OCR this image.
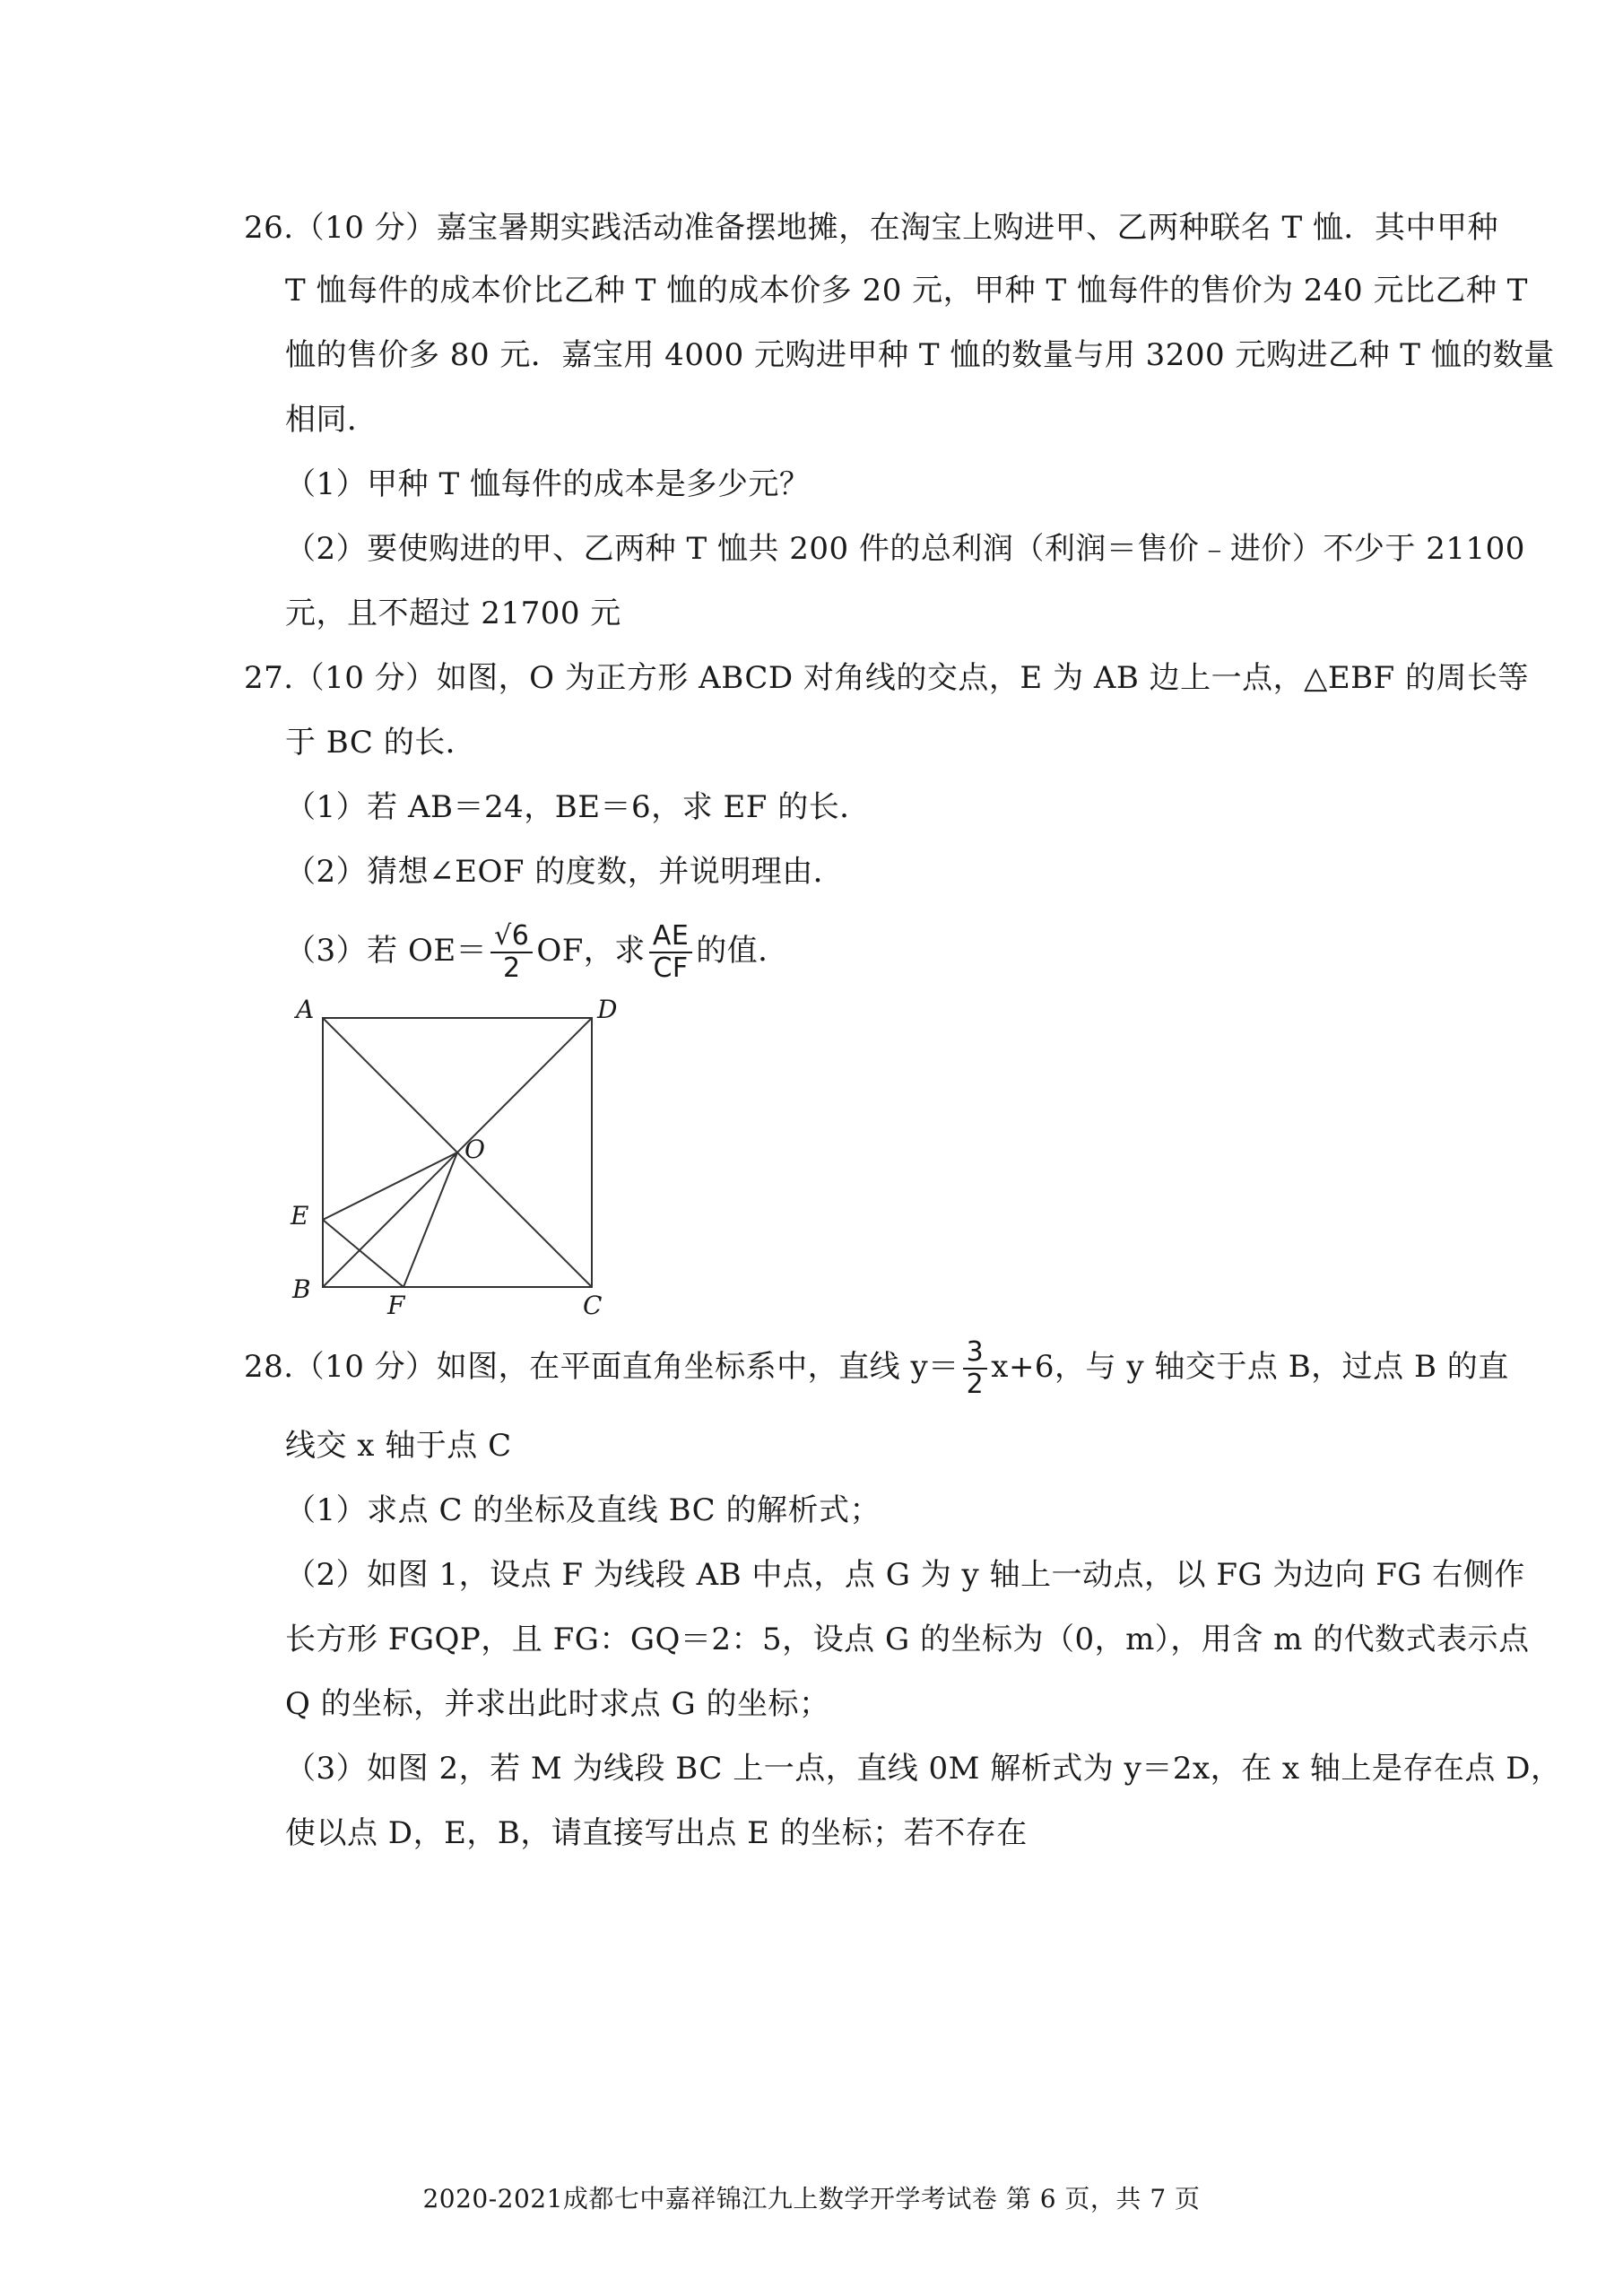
26.（10 分）嘉宝暑期实践活动准备摆地摊，在淘宝上购进甲、乙两种联名 T 恤．其中甲种
T 恤每件的成本价比乙种 T 恤的成本价多 20 元，甲种 T 恤每件的售价为 240 元比乙种 T
恤的售价多 80 元．嘉宝用 4000 元购进甲种 T 恤的数量与用 3200 元购进乙种 T 恤的数量
相同．
（1）甲种 T 恤每件的成本是多少元？
（2）要使购进的甲、乙两种 T 恤共 200 件的总利润（利润＝售价﹣进价）不少于 21100
元，且不超过 21700 元
27.（10 分）如图，O 为正方形 ABCD 对角线的交点，E 为 AB 边上一点，△EBF 的周长等
于 BC 的长．
（1）若 AB＝24，BE＝6，求 EF 的长．
（2）猜想∠EOF 的度数，并说明理由．
（3）若 $OE= \frac{√6}{2}$ OF，求 $\frac{AE}{CF}$ 的值．
A	D
O
E
B
F	C
28.（10 分）如图，在平面直角坐标系中，直线 $y= \frac{3}{2} x+6$，与 y 轴交于点 B，过点 B 的直
线交 x 轴于点 C
（1）求点 C 的坐标及直线 BC 的解析式；
（2）如图 1，设点 F 为线段 AB 中点，点 G 为 y 轴上一动点，以 FG 为边向 FG 右侧作
长方形 FGQP，且 FG：GQ＝2：5，设点 G 的坐标为（0，m），用含 m 的代数式表示点
Q 的坐标，并求出此时求点 G 的坐标；
（3）如图 2，若 M 为线段 BC 上一点，直线 0M 解析式为 y＝2x，在 x 轴上是存在点 D，
使以点 D，E，B，请直接写出点 E 的坐标；若不存在
2020-2021成都七中嘉祥锦江九上数学开学考试卷 第 6 页，共 7 页
